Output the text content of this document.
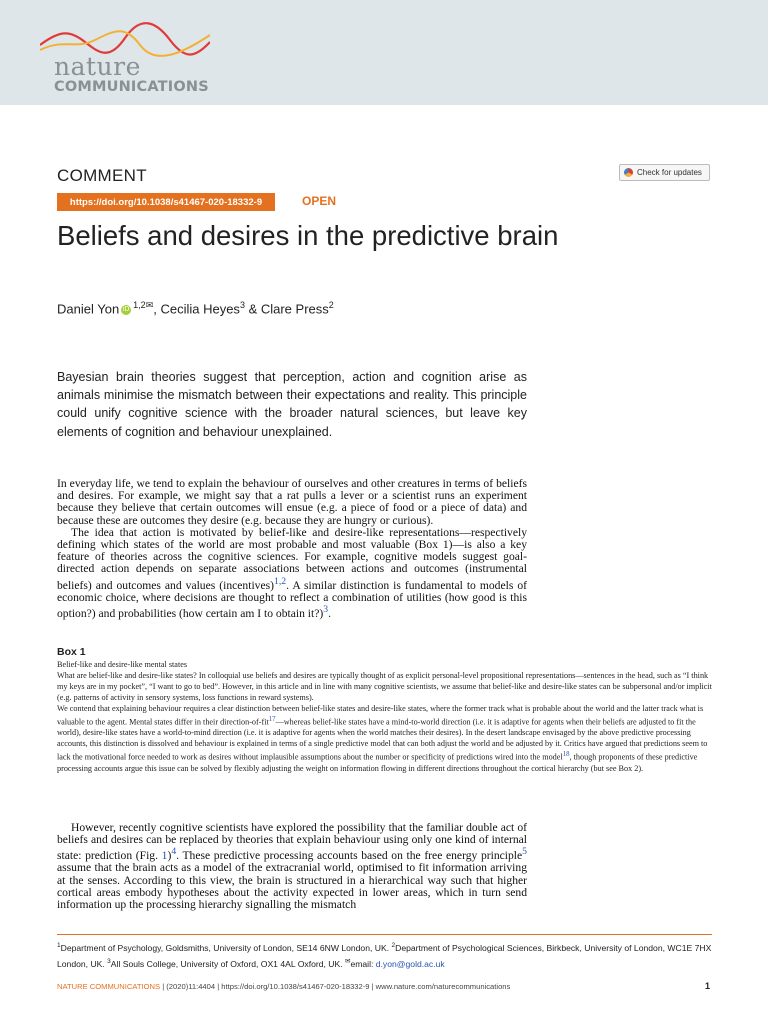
nature
COMMUNICATIONS
COMMENT	Check for updates
https://doi.org/10.1038/s41467-020-18332-9	OPEN
Beliefs and desires in the predictive brain
Daniel Yon iD $^{1,2✉}$, Cecilia Heyes$^3$ & Clare Press$^2$
Bayesian brain theories suggest that perception, action and cognition arise as animals minimise the mismatch between their expectations and reality. This principle could unify cognitive science with the broader natural sciences, but leave key elements of cognition and behaviour unexplained.

In everyday life, we tend to explain the behaviour of ourselves and other creatures in terms of beliefs and desires. For example, we might say that a rat pulls a lever or a scientist runs an experiment because they believe that certain outcomes will ensue (e.g. a piece of food or a piece of data) and because these are outcomes they desire (e.g. because they are hungry or curious).

The idea that action is motivated by belief-like and desire-like representations—respectively defining which states of the world are most probable and most valuable (Box 1)—is also a key feature of theories across the cognitive sciences. For example, cognitive models suggest goal-directed action depends on separate associations between actions and outcomes (instrumental beliefs) and outcomes and values (incentives)$^{1,2}$. A similar distinction is fundamental to models of economic choice, where decisions are thought to reflect a combination of utilities (how good is this option?) and probabilities (how certain am I to obtain it?)$^3$.

Box 1

Belief-like and desire-like mental states

What are belief-like and desire-like states? In colloquial use beliefs and desires are typically thought of as explicit personal-level propositional representations—sentences in the head, such as “I think my keys are in my pocket”, “I want to go to bed”. However, in this article and in line with many cognitive scientists, we assume that belief-like and desire-like states can be subpersonal and/or implicit (e.g. patterns of activity in sensory systems, loss functions in reward systems).

We contend that explaining behaviour requires a clear distinction between belief-like states and desire-like states, where the former track what is probable about the world and the latter track what is valuable to the agent. Mental states differ in their direction-of-fit$^{17}$—whereas belief-like states have a mind-to-world direction (i.e. it is adaptive for agents when their beliefs are adjusted to fit the world), desire-like states have a world-to-mind direction (i.e. it is adaptive for agents when the world matches their desires). In the desert landscape envisaged by the above predictive processing accounts, this distinction is dissolved and behaviour is explained in terms of a single predictive model that can both adjust the world and be adjusted by it. Critics have argued that predictions seem to lack the motivational force needed to work as desires without implausible assumptions about the number or specificity of predictions wired into the model$^{18}$, though proponents of these predictive processing accounts argue this issue can be solved by flexibly adjusting the weight on information flowing in different directions throughout the cortical hierarchy (but see Box 2).

However, recently cognitive scientists have explored the possibility that the familiar double act of beliefs and desires can be replaced by theories that explain behaviour using only one kind of internal state: prediction (Fig. 1)$^4$. These predictive processing accounts based on the free energy principle$^5$ assume that the brain acts as a model of the extracranial world, optimised to fit information arriving at the senses. According to this view, the brain is structured in a hierarchical way such that higher cortical areas embody hypotheses about the activity expected in lower areas, which in turn send information up the processing hierarchy signalling the mismatch

$^1$Department of Psychology, Goldsmiths, University of London, SE14 6NW London, UK. $^2$Department of Psychological Sciences, Birkbeck, University of London, WC1E 7HX London, UK. $^3$All Souls College, University of Oxford, OX1 4AL Oxford, UK. ✉email: d.yon@gold.ac.uk
NATURE COMMUNICATIONS | (2020)11:4404 | https://doi.org/10.1038/s41467-020-18332-9 | www.nature.com/naturecommunications	1
